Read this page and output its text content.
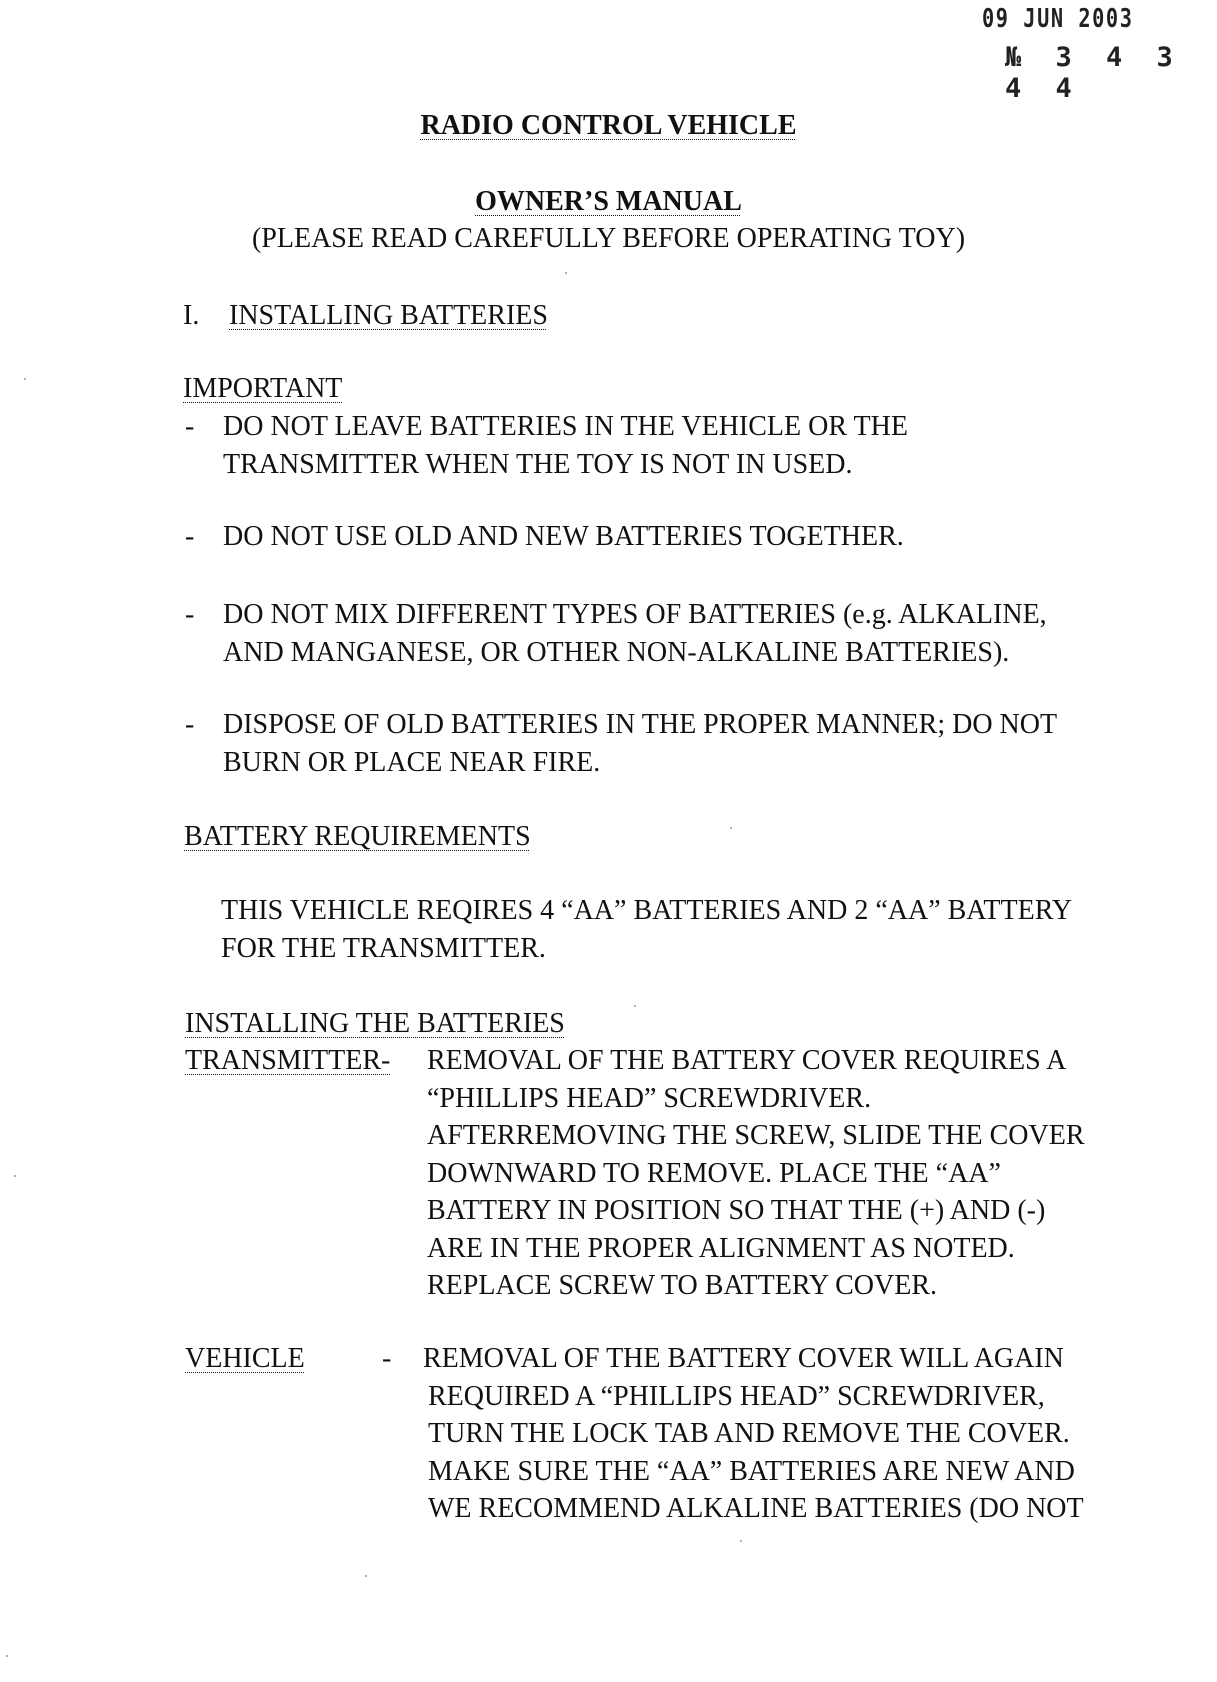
09 JUN 2003
№ 3 4 3 4 4
RADIO CONTROL VEHICLE
OWNER’S MANUAL
(PLEASE READ CAREFULLY BEFORE OPERATING TOY)
I. INSTALLING BATTERIES
IMPORTANT
- DO NOT LEAVE BATTERIES IN THE VEHICLE OR THE
TRANSMITTER WHEN THE TOY IS NOT IN USED.
- DO NOT USE OLD AND NEW BATTERIES TOGETHER.
- DO NOT MIX DIFFERENT TYPES OF BATTERIES (e.g. ALKALINE,
AND MANGANESE, OR OTHER NON-ALKALINE BATTERIES).
- DISPOSE OF OLD BATTERIES IN THE PROPER MANNER; DO NOT
BURN OR PLACE NEAR FIRE.
BATTERY REQUIREMENTS
THIS VEHICLE REQIRES 4 “AA” BATTERIES AND 2 “AA” BATTERY
FOR THE TRANSMITTER.
INSTALLING THE BATTERIES
TRANSMITTER- REMOVAL OF THE BATTERY COVER REQUIRES A
“PHILLIPS HEAD” SCREWDRIVER.
AFTERREMOVING THE SCREW, SLIDE THE COVER
DOWNWARD TO REMOVE. PLACE THE “AA”
BATTERY IN POSITION SO THAT THE (+) AND (-)
ARE IN THE PROPER ALIGNMENT AS NOTED.
REPLACE SCREW TO BATTERY COVER.
VEHICLE	- REMOVAL OF THE BATTERY COVER WILL AGAIN
REQUIRED A “PHILLIPS HEAD” SCREWDRIVER,
TURN THE LOCK TAB AND REMOVE THE COVER.
MAKE SURE THE “AA” BATTERIES ARE NEW AND
WE RECOMMEND ALKALINE BATTERIES (DO NOT
